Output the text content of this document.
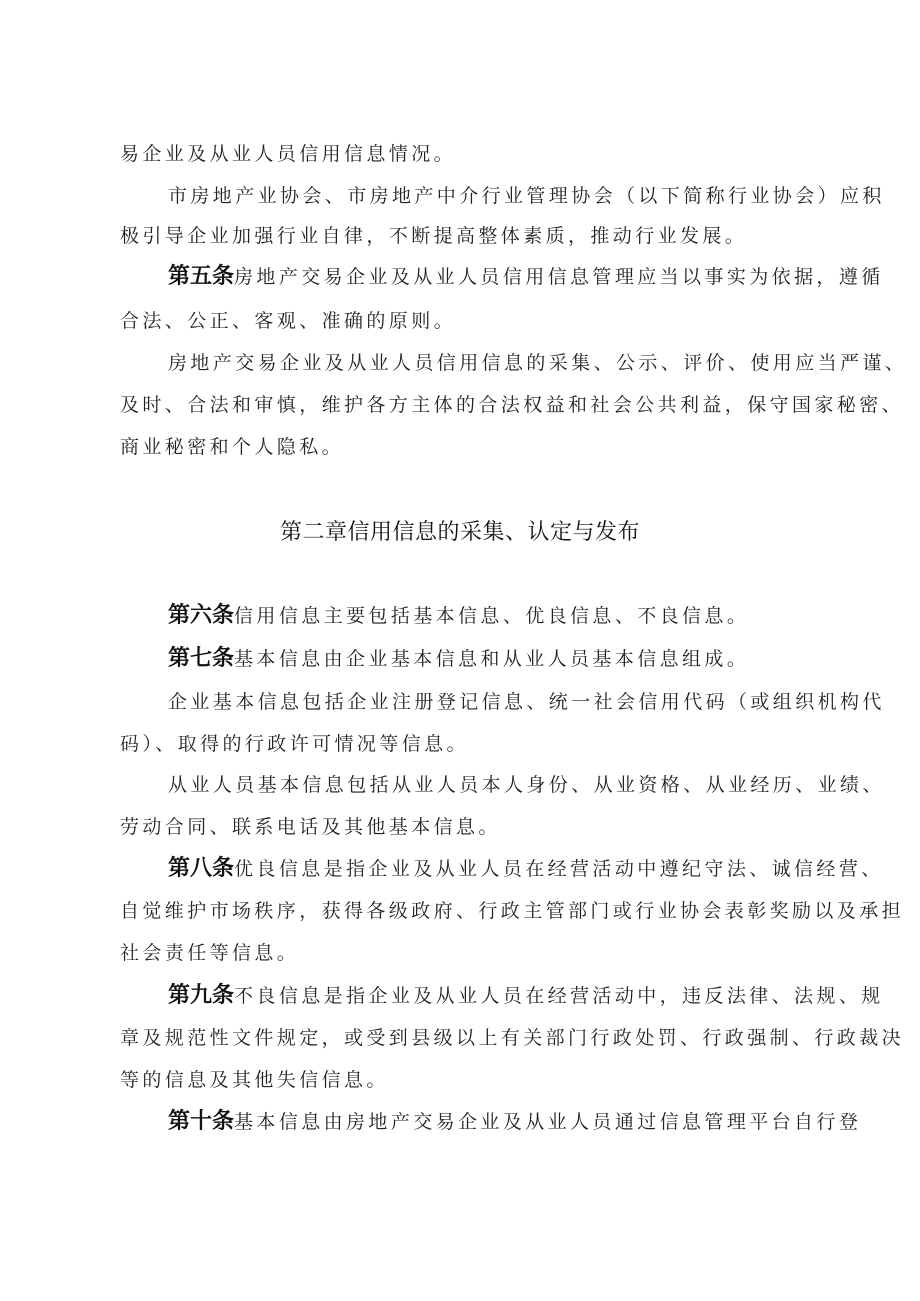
易企业及从业人员信用信息情况。
市房地产业协会、市房地产中介行业管理协会（以下简称行业协会）应积
极引导企业加强行业自律，不断提高整体素质，推动行业发展。
第五条房地产交易企业及从业人员信用信息管理应当以事实为依据，遵循
合法、公正、客观、准确的原则。
房地产交易企业及从业人员信用信息的采集、公示、评价、使用应当严谨、
及时、合法和审慎，维护各方主体的合法权益和社会公共利益，保守国家秘密、
商业秘密和个人隐私。
第二章信用信息的采集、认定与发布
第六条信用信息主要包括基本信息、优良信息、不良信息。
第七条基本信息由企业基本信息和从业人员基本信息组成。
企业基本信息包括企业注册登记信息、统一社会信用代码（或组织机构代
码）、取得的行政许可情况等信息。
从业人员基本信息包括从业人员本人身份、从业资格、从业经历、业绩、
劳动合同、联系电话及其他基本信息。
第八条优良信息是指企业及从业人员在经营活动中遵纪守法、诚信经营、
自觉维护市场秩序，获得各级政府、行政主管部门或行业协会表彰奖励以及承担
社会责任等信息。
第九条不良信息是指企业及从业人员在经营活动中，违反法律、法规、规
章及规范性文件规定，或受到县级以上有关部门行政处罚、行政强制、行政裁决
等的信息及其他失信信息。
第十条基本信息由房地产交易企业及从业人员通过信息管理平台自行登
